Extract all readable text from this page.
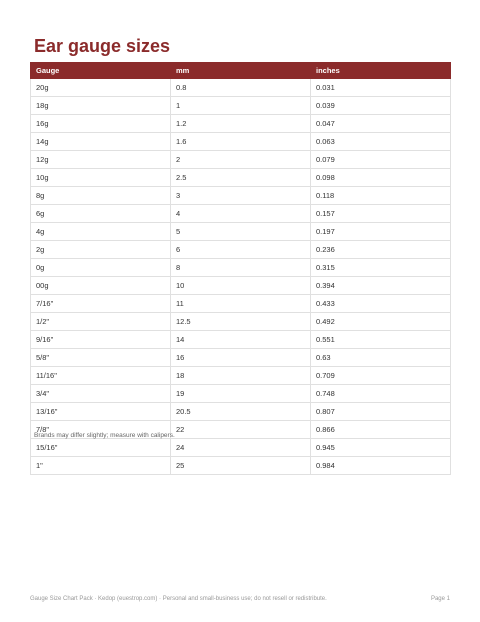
Ear gauge sizes
Gauge	mm	inches
20g	0.8	0.031
18g	1	0.039
16g	1.2	0.047
14g	1.6	0.063
12g	2	0.079
10g	2.5	0.098
8g	3	0.118
6g	4	0.157
4g	5	0.197
2g	6	0.236
0g	8	0.315
00g	10	0.394
7/16"	11	0.433
1/2"	12.5	0.492
9/16"	14	0.551
5/8"	16	0.63
11/16"	18	0.709
3/4"	19	0.748
13/16"	20.5	0.807
7/8"	22	0.866
15/16"	24	0.945
1"	25	0.984
Brands may differ slightly; measure with calipers.
Gauge Size Chart Pack · Kedop (euestrop.com) · Personal and small-business use; do not resell or redistribute.	Page 1
